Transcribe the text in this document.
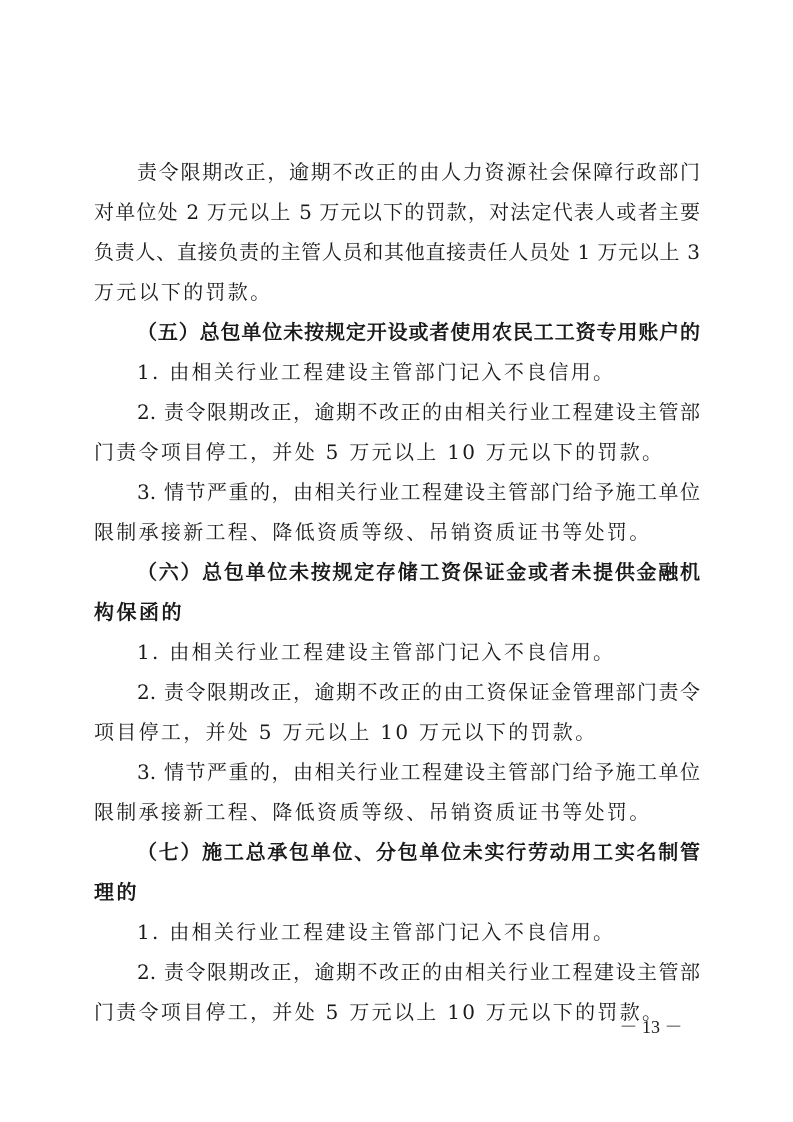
责令限期改正，逾期不改正的由人力资源社会保障行政部门
对单位处 2 万元以上 5 万元以下的罚款，对法定代表人或者主要
负责人、直接负责的主管人员和其他直接责任人员处 1 万元以上 3
万元以下的罚款。
（五）总包单位未按规定开设或者使用农民工工资专用账户的
1. 由相关行业工程建设主管部门记入不良信用。
2. 责令限期改正，逾期不改正的由相关行业工程建设主管部
门责令项目停工，并处 5 万元以上 10 万元以下的罚款。
3. 情节严重的，由相关行业工程建设主管部门给予施工单位
限制承接新工程、降低资质等级、吊销资质证书等处罚。
（六）总包单位未按规定存储工资保证金或者未提供金融机
构保函的
1. 由相关行业工程建设主管部门记入不良信用。
2. 责令限期改正，逾期不改正的由工资保证金管理部门责令
项目停工，并处 5 万元以上 10 万元以下的罚款。
3. 情节严重的，由相关行业工程建设主管部门给予施工单位
限制承接新工程、降低资质等级、吊销资质证书等处罚。
（七）施工总承包单位、分包单位未实行劳动用工实名制管
理的
1. 由相关行业工程建设主管部门记入不良信用。
2. 责令限期改正，逾期不改正的由相关行业工程建设主管部
门责令项目停工，并处 5 万元以上 10 万元以下的罚款。
－ 13 －
